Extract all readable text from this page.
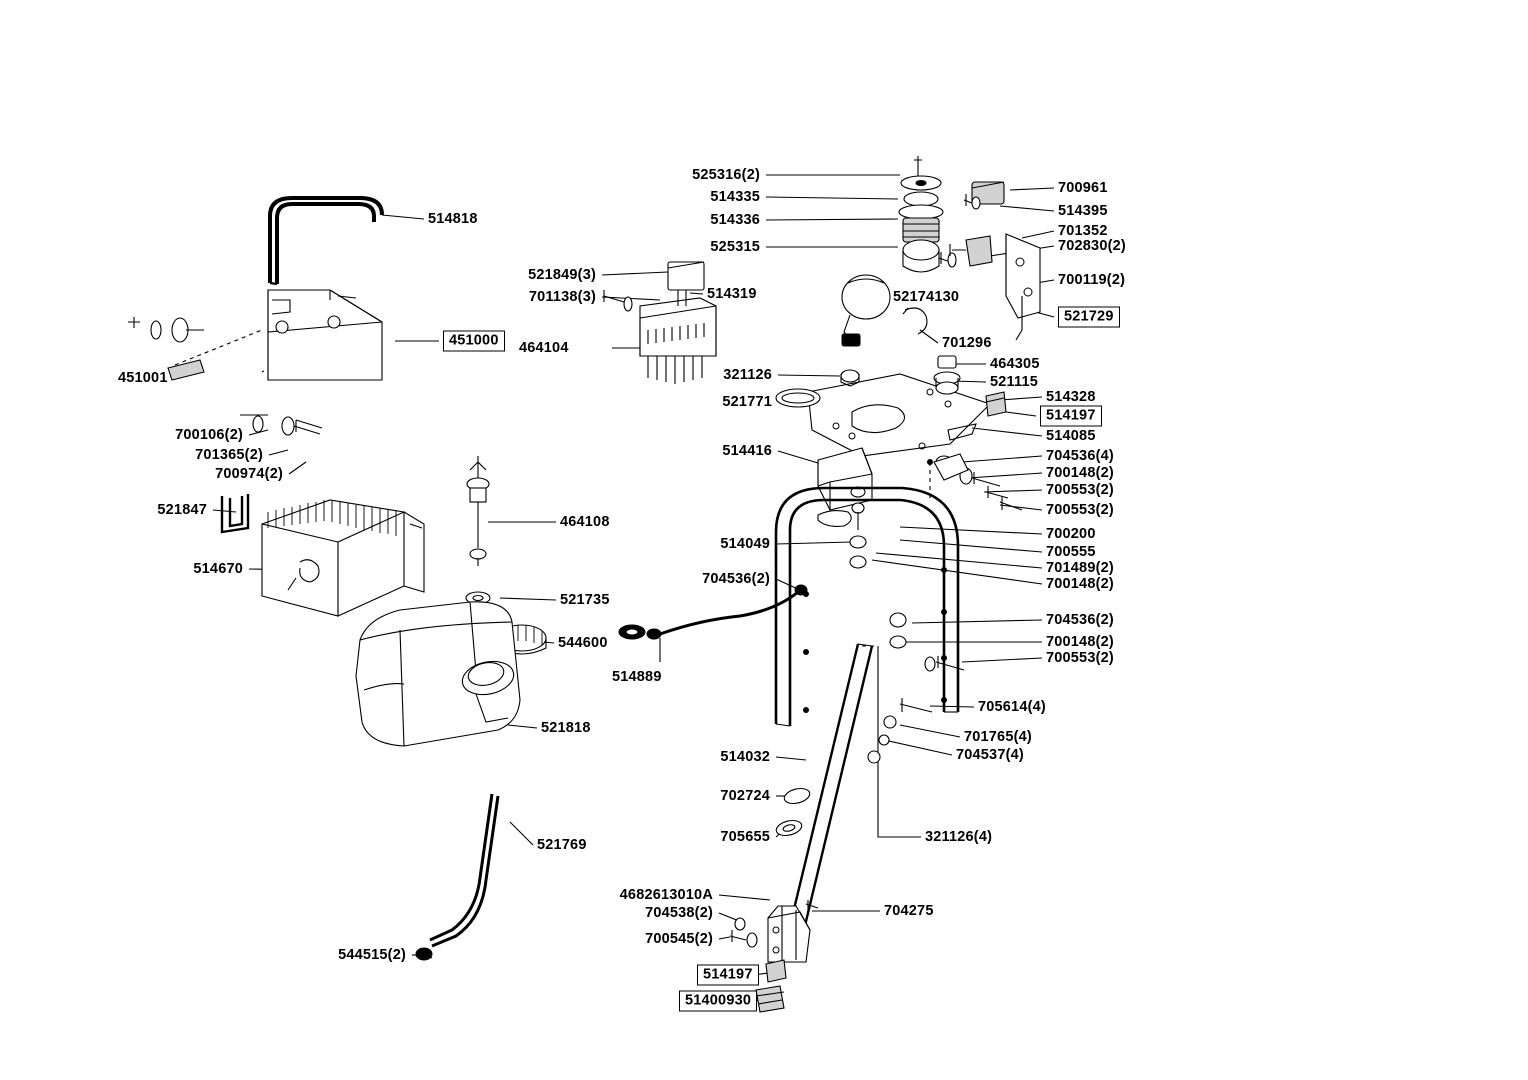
514818
525316(2)
514335
514336
525315
700961
514395
701352
702830(2)
700119(2)
521729
521849(3)
701138(3)	514319	52174130
701296
451000	464104
451001	321126
521771
464305
521115
514328
514197
514085
700106(2)
701365(2)
700974(2)
514416	704536(4)
700148(2)
700553(2)
700553(2)
521847
464108
700200
700555
701489(2)
700148(2)
514049
514670
704536(2)
521735
704536(2)
700148(2)
700553(2)
544600
514889
705614(4)
701765(4)
704537(4)
521818
514032
702724
705655	321126(4)
521769
4682613010A
704538(2)
700545(2)
704275
544515(2)
514197
51400930
